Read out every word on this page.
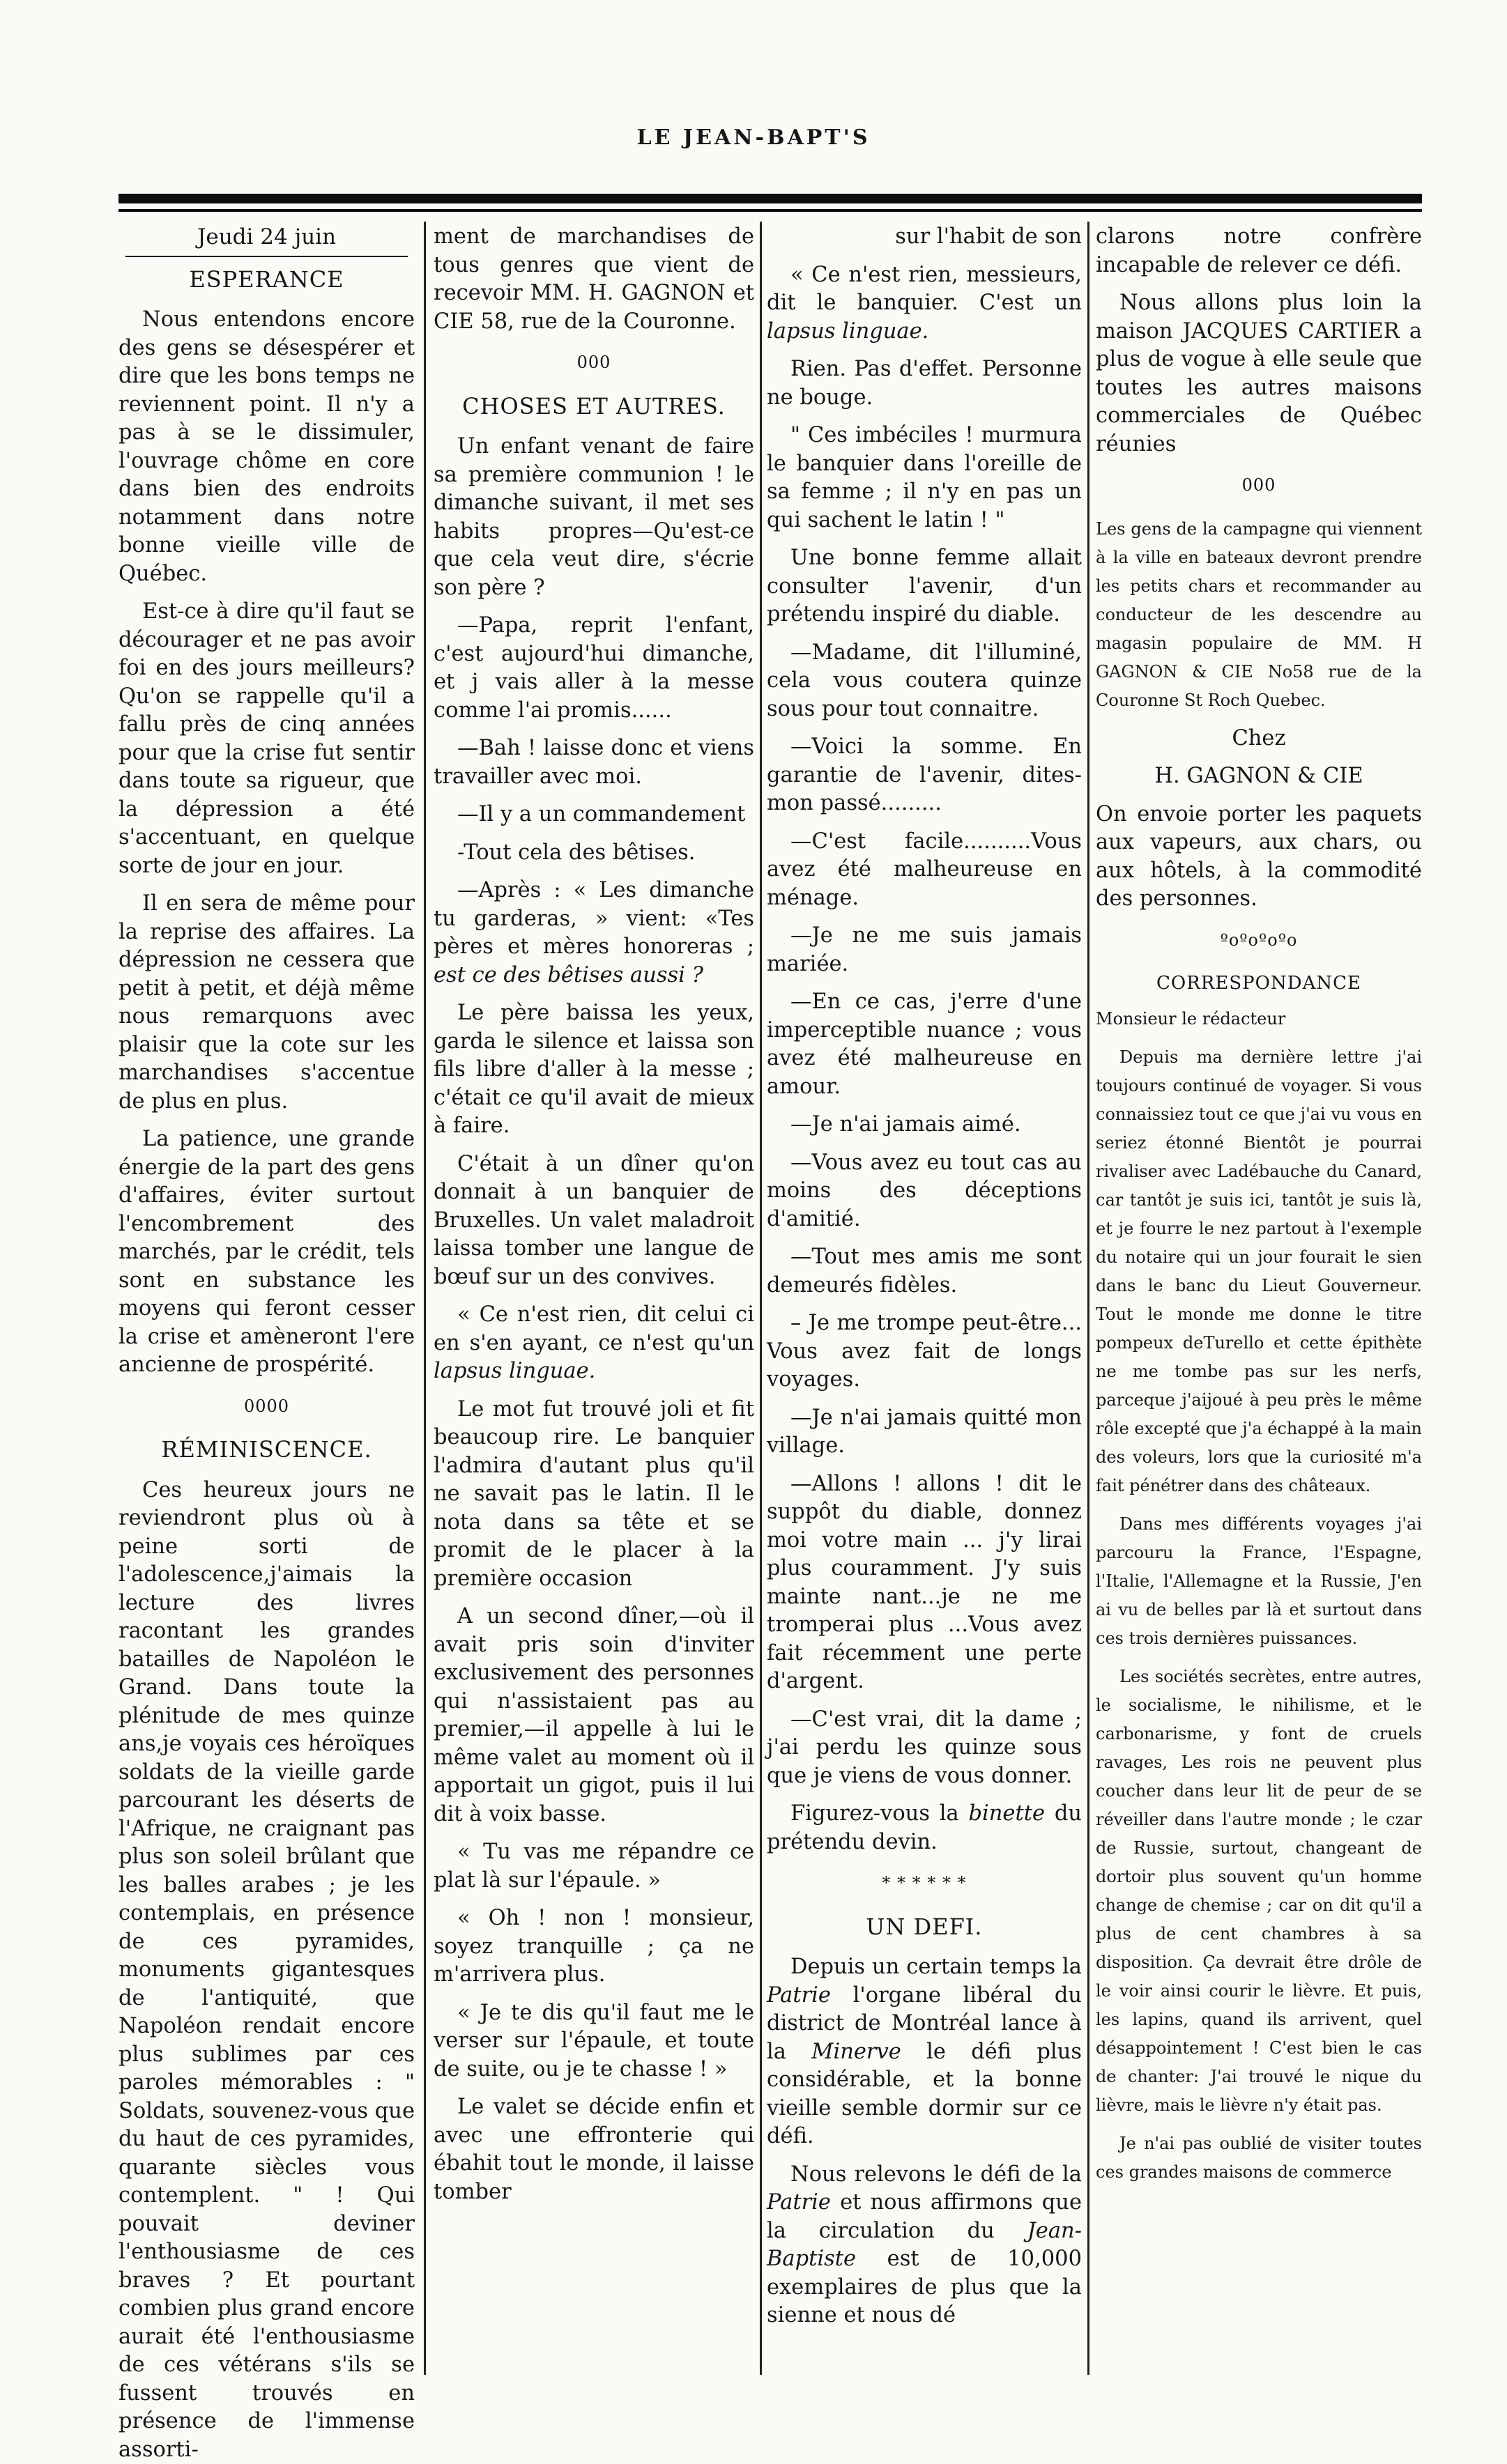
LE JEAN-BAPT'S
Jeudi 24 juin
ESPERANCE

Nous entendons encore des gens se désespérer et dire que les bons temps ne reviennent point. Il n'y a pas à se le dissimuler, l'ouvrage chôme en core dans bien des endroits notamment dans notre bonne vieille ville de Québec.

Est-ce à dire qu'il faut se décourager et ne pas avoir foi en des jours meilleurs? Qu'on se rappelle qu'il a fallu près de cinq années pour que la crise fut sentir dans toute sa rigueur, que la dépression a été s'accentuant, en quelque sorte de jour en jour.

Il en sera de même pour la reprise des affaires. La dépression ne cessera que petit à petit, et déjà même nous remarquons avec plaisir que la cote sur les marchandises s'accentue de plus en plus.

La patience, une grande énergie de la part des gens d'affaires, éviter surtout l'encombrement des marchés, par le crédit, tels sont en substance les moyens qui feront cesser la crise et amèneront l'ere ancienne de prospérité.

0000
RÉMINISCENCE.

Ces heureux jours ne reviendront plus où à peine sorti de l'adolescence,j'aimais la lecture des livres racontant les grandes batailles de Napoléon le Grand. Dans toute la plénitude de mes quinze ans,je voyais ces héroïques soldats de la vieille garde parcourant les déserts de l'Afrique, ne craignant pas plus son soleil brûlant que les balles arabes ; je les contemplais, en présence de ces pyramides, monuments gigantesques de l'antiquité, que Napoléon rendait encore plus sublimes par ces paroles mémorables : " Soldats, souvenez-vous que du haut de ces pyramides, quarante siècles vous contemplent. " ! Qui pouvait deviner l'enthousiasme de ces braves ? Et pourtant combien plus grand encore aurait été l'enthousiasme de ces vétérans s'ils se fussent trouvés en présence de l'immense assorti-

ment de marchandises de tous genres que vient de recevoir MM. H. GAGNON et CIE 58, rue de la Couronne.

000
CHOSES ET AUTRES.

Un enfant venant de faire sa première communion ! le dimanche suivant, il met ses habits propres—Qu'est-ce que cela veut dire, s'écrie son père ?

—Papa, reprit l'enfant, c'est aujourd'hui dimanche, et j vais aller à la messe comme l'ai promis......

—Bah ! laisse donc et viens travailler avec moi.

—Il y a un commandement

-Tout cela des bêtises.

—Après : « Les dimanche tu garderas, » vient: «Tes pères et mères honoreras ; est ce des bêtises aussi ?

Le père baissa les yeux, garda le silence et laissa son fils libre d'aller à la messe ; c'était ce qu'il avait de mieux à faire.

C'était à un dîner qu'on donnait à un banquier de Bruxelles. Un valet maladroit laissa tomber une langue de bœuf sur un des convives.

« Ce n'est rien, dit celui ci en s'en ayant, ce n'est qu'un lapsus linguae.

Le mot fut trouvé joli et fit beaucoup rire. Le banquier l'admira d'autant plus qu'il ne savait pas le latin. Il le nota dans sa tête et se promit de le placer à la première occasion

A un second dîner,—où il avait pris soin d'inviter exclusivement des personnes qui n'assistaient pas au premier,—il appelle à lui le même valet au moment où il apportait un gigot, puis il lui dit à voix basse.

« Tu vas me répandre ce plat là sur l'épaule. »

« Oh ! non ! monsieur, soyez tranquille ; ça ne m'arrivera plus.

« Je te dis qu'il faut me le verser sur l'épaule, et toute de suite, ou je te chasse ! »

Le valet se décide enfin et avec une effronterie qui ébahit tout le monde, il laisse tomber

sur l'habit de son

« Ce n'est rien, messieurs, dit le banquier. C'est un lapsus linguae.

Rien. Pas d'effet. Personne ne bouge.

" Ces imbéciles ! murmura le banquier dans l'oreille de sa femme ; il n'y en pas un qui sachent le latin ! "

Une bonne femme allait consulter l'avenir, d'un prétendu inspiré du diable.

—Madame, dit l'illuminé, cela vous coutera quinze sous pour tout connaitre.

—Voici la somme. En garantie de l'avenir, dites-mon passé.........

—C'est facile..........Vous avez été malheureuse en ménage.

—Je ne me suis jamais mariée.

—En ce cas, j'erre d'une imperceptible nuance ; vous avez été malheureuse en amour.

—Je n'ai jamais aimé.

—Vous avez eu tout cas au moins des déceptions d'amitié.

—Tout mes amis me sont demeurés fidèles.

– Je me trompe peut-être... Vous avez fait de longs voyages.

—Je n'ai jamais quitté mon village.

—Allons ! allons ! dit le suppôt du diable, donnez moi votre main ... j'y lirai plus couramment. J'y suis mainte nant...je ne me tromperai plus ...Vous avez fait récemment une perte d'argent.

—C'est vrai, dit la dame ; j'ai perdu les quinze sous que je viens de vous donner.

Figurez-vous la binette du prétendu devin.

* * * * * *
UN DEFI.

Depuis un certain temps la Patrie l'organe libéral du district de Montréal lance à la Minerve le défi plus considérable, et la bonne vieille semble dormir sur ce défi.

Nous relevons le défi de la Patrie et nous affirmons que la circulation du Jean-Baptiste est de 10,000 exemplaires de plus que la sienne et nous dé

clarons notre confrère incapable de relever ce défi.

Nous allons plus loin la maison JACQUES CARTIER a plus de vogue à elle seule que toutes les autres maisons commerciales de Québec réunies

000

Les gens de la campagne qui viennent à la ville en bateaux devront prendre les petits chars et recommander au conducteur de les descendre au magasin populaire de MM. H GAGNON & CIE No58 rue de la Couronne St Roch Quebec.

Chez

H. GAGNON & CIE

On envoie porter les paquets aux vapeurs, aux chars, ou aux hôtels, à la commodité des personnes.

ºoºoºoºo
CORRESPONDANCE

Monsieur le rédacteur

Depuis ma dernière lettre j'ai toujours continué de voyager. Si vous connaissiez tout ce que j'ai vu vous en seriez étonné Bientôt je pourrai rivaliser avec Ladébauche du Canard, car tantôt je suis ici, tantôt je suis là, et je fourre le nez partout à l'exemple du notaire qui un jour fourait le sien dans le banc du Lieut Gouverneur. Tout le monde me donne le titre pompeux deTurello et cette épithète ne me tombe pas sur les nerfs, parceque j'aijoué à peu près le même rôle excepté que j'a échappé à la main des voleurs, lors que la curiosité m'a fait pénétrer dans des châteaux.

Dans mes différents voyages j'ai parcouru la France, l'Espagne, l'Italie, l'Allemagne et la Russie, J'en ai vu de belles par là et surtout dans ces trois dernières puissances.

Les sociétés secrètes, entre autres, le socialisme, le nihilisme, et le carbonarisme, y font de cruels ravages, Les rois ne peuvent plus coucher dans leur lit de peur de se réveiller dans l'autre monde ; le czar de Russie, surtout, changeant de dortoir plus souvent qu'un homme change de chemise ; car on dit qu'il a plus de cent chambres à sa disposition. Ça devrait être drôle de le voir ainsi courir le lièvre. Et puis, les lapins, quand ils arrivent, quel désappointement ! C'est bien le cas de chanter: J'ai trouvé le nique du lièvre, mais le lièvre n'y était pas.

Je n'ai pas oublié de visiter toutes ces grandes maisons de commerce
